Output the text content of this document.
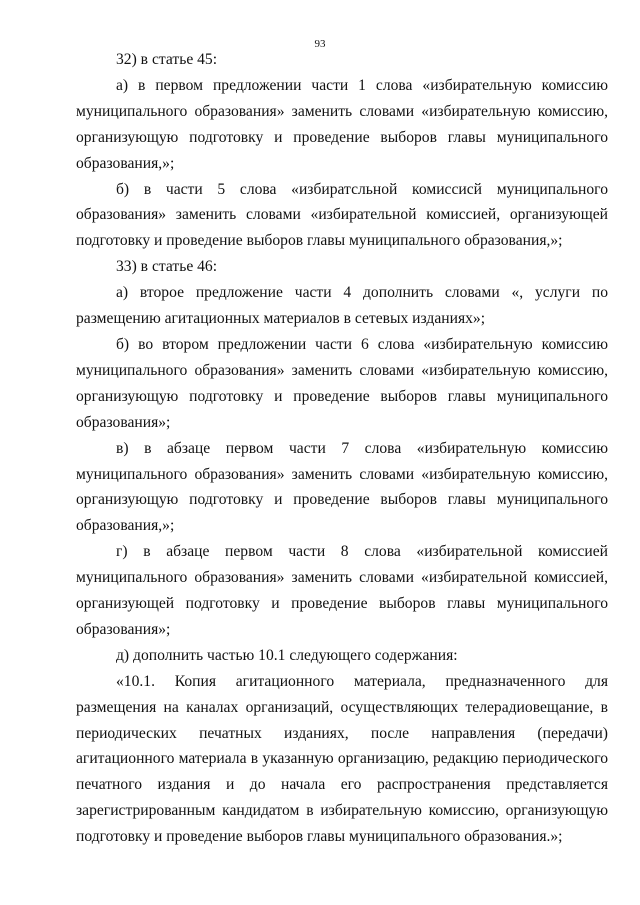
93

32) в статье 45:

а) в первом предложении части 1 слова «избирательную комиссию муниципального образования» заменить словами «избирательную комиссию, организующую подготовку и проведение выборов главы муниципального образования,»;

б) в части 5 слова «избиратсльной комиссисй муниципального образования» заменить словами «избирательной комиссией, организующей подготовку и проведение выборов главы муниципального образования,»;

33) в статье 46:

а) второе предложение части 4 дополнить словами «, услуги по размещению агитационных материалов в сетевых изданиях»;

б) во втором предложении части 6 слова «избирательную комиссию муниципального образования» заменить словами «избирательную комиссию, организующую подготовку и проведение выборов главы муниципального образования»;

в) в абзаце первом части 7 слова «избирательную комиссию муниципального образования» заменить словами «избирательную комиссию, организующую подготовку и проведение выборов главы муниципального образования,»;

г) в абзаце первом части 8 слова «избирательной комиссией муниципального образования» заменить словами «избирательной комиссией, организующей подготовку и проведение выборов главы муниципального образования»;

д) дополнить частью 10.1 следующего содержания:

«10.1. Копия агитационного материала, предназначенного для размещения на каналах организаций, осуществляющих телерадиовещание, в периодических печатных изданиях, после направления (передачи) агитационного материала в указанную организацию, редакцию периодического печатного издания и до начала его распространения представляется зарегистрированным кандидатом в избирательную комиссию, организующую подготовку и проведение выборов главы муниципального образования.»;
